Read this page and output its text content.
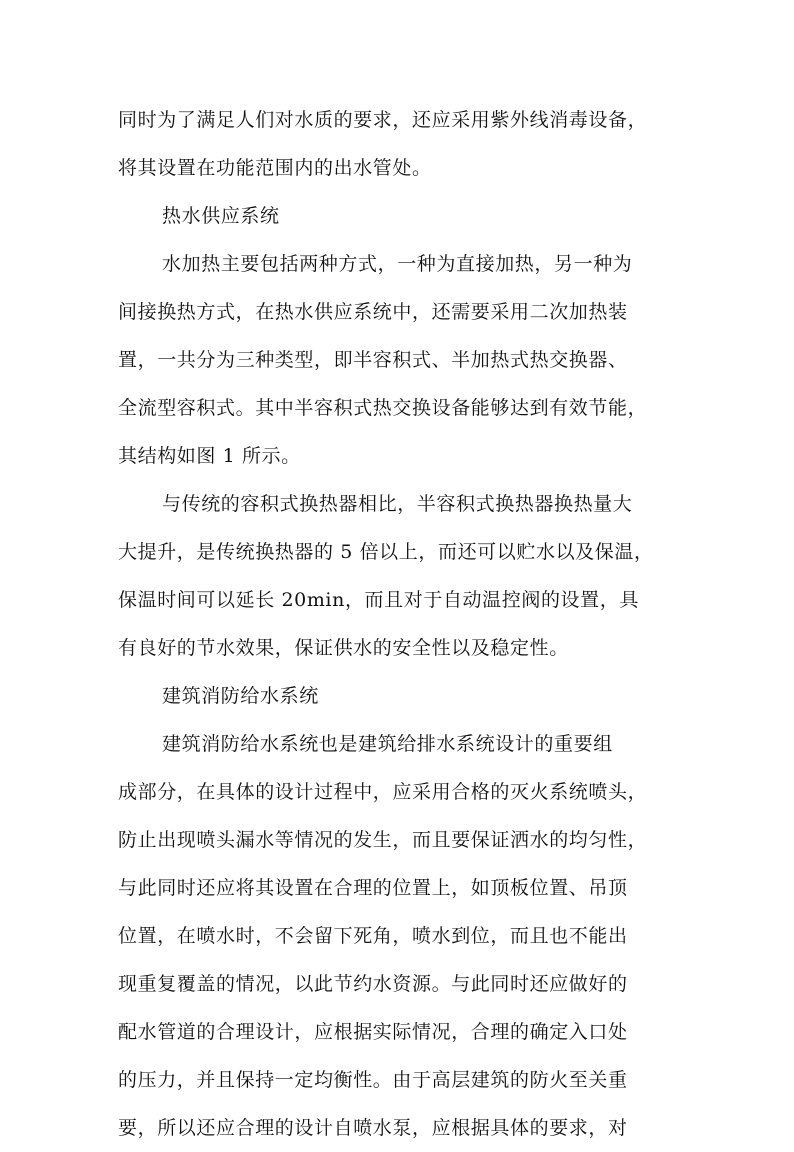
同时为了满足人们对水质的要求，还应采用紫外线消毒设备，
将其设置在功能范围内的出水管处。
热水供应系统
水加热主要包括两种方式，一种为直接加热，另一种为
间接换热方式，在热水供应系统中，还需要采用二次加热装
置，一共分为三种类型，即半容积式、半加热式热交换器、
全流型容积式。其中半容积式热交换设备能够达到有效节能，
其结构如图 1 所示。
与传统的容积式换热器相比，半容积式换热器换热量大
大提升，是传统换热器的 5 倍以上，而还可以贮水以及保温，
保温时间可以延长 20min，而且对于自动温控阀的设置，具
有良好的节水效果，保证供水的安全性以及稳定性。
建筑消防给水系统
建筑消防给水系统也是建筑给排水系统设计的重要组
成部分，在具体的设计过程中，应采用合格的灭火系统喷头，
防止出现喷头漏水等情况的发生，而且要保证洒水的均匀性，
与此同时还应将其设置在合理的位置上，如顶板位置、吊顶
位置，在喷水时，不会留下死角，喷水到位，而且也不能出
现重复覆盖的情况，以此节约水资源。与此同时还应做好的
配水管道的合理设计，应根据实际情况，合理的确定入口处
的压力，并且保持一定均衡性。由于高层建筑的防火至关重
要，所以还应合理的设计自喷水泵，应根据具体的要求，对
